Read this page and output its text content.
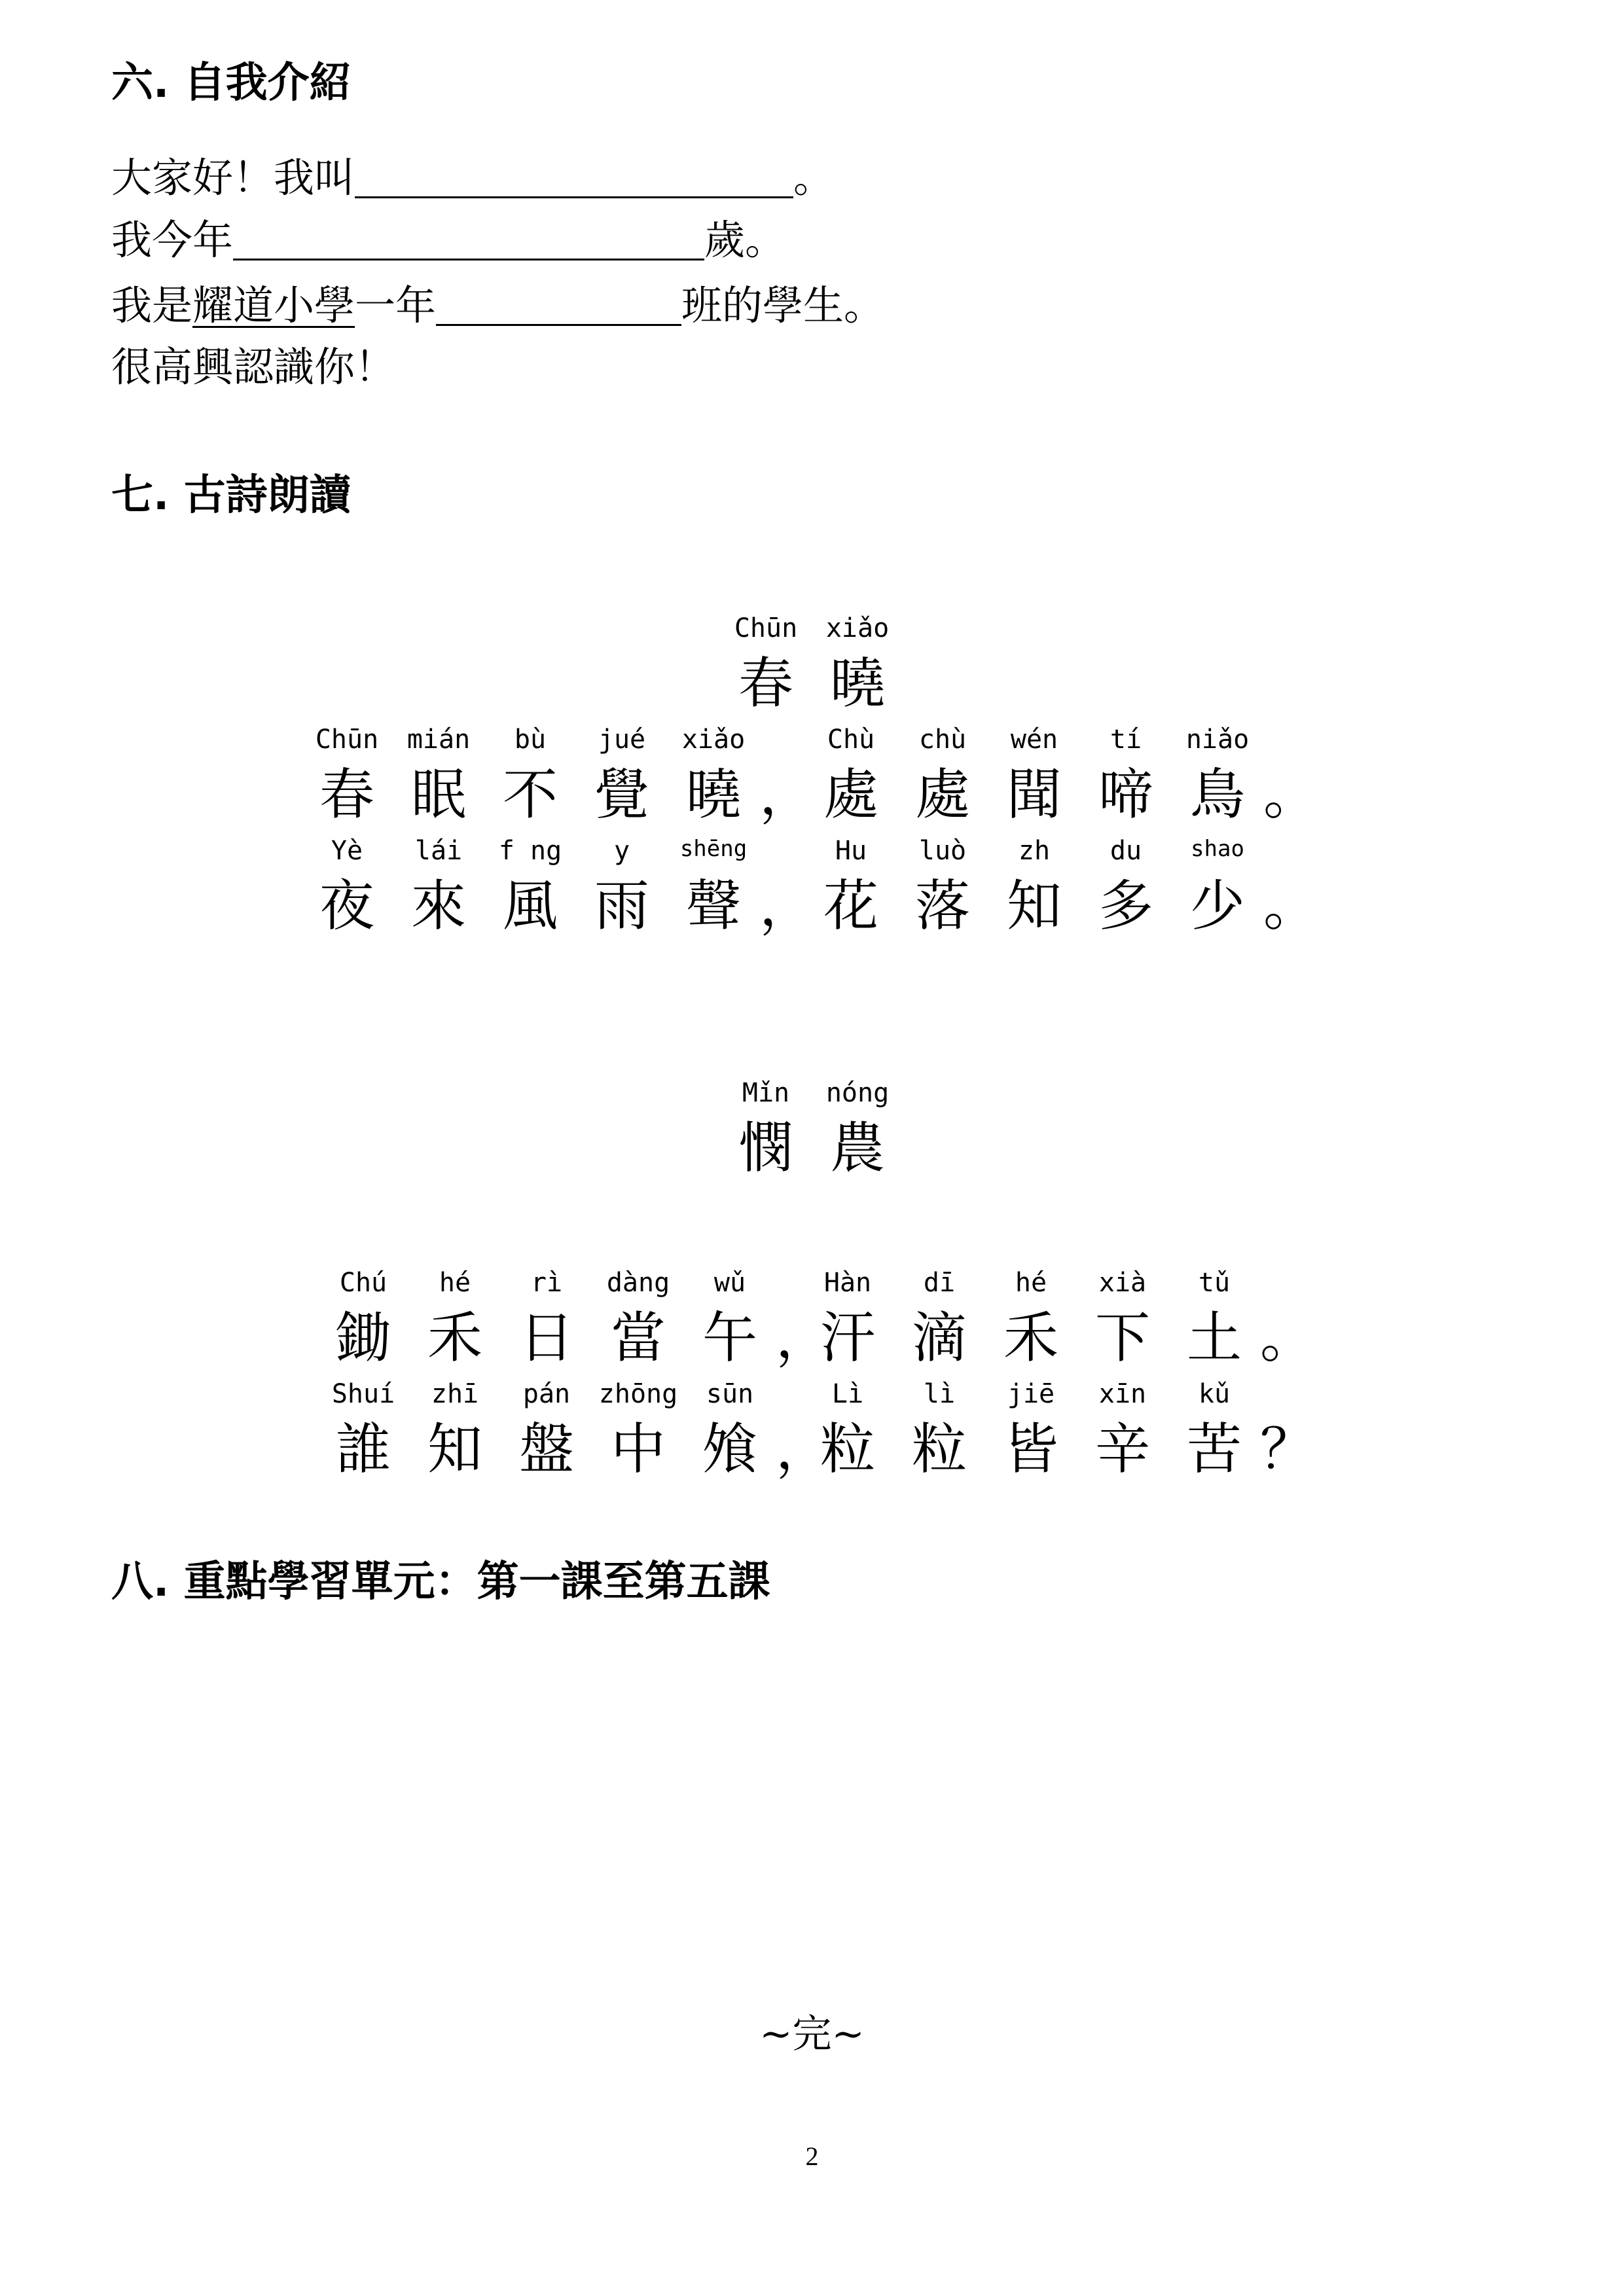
六. 自我介紹
大家好！我叫	。
我今年	歲。
我是耀道小學一年	班的學生。
很高興認識你！
七. 古詩朗讀
Chūn
春
xiǎo
曉
Chūn
春
mián
眠
bù
不
jué
覺
xiǎo
曉 ，
Chù
處
chù
處
wén
聞
tí
啼
niǎo
鳥 。
Yè
夜
lái
來
f ng
風
y
雨
shēng
聲 ，
Hu
花
luò
落
zh
知
du
多
shao
少 。
Mǐn
憫
nóng
農
Chú
鋤
hé
禾
rì
日
dàng
當
wǔ
午 ，
Hàn
汗
dī
滴
hé
禾
xià
下
tǔ
土 。
Shuí
誰
zhī
知
pán
盤
zhōng
中
sūn
飧 ，
Lì
粒
lì
粒
jiē
皆
xīn
辛
kǔ
苦 ？
八. 重點學習單元：第一課至第五課
~完~
2
